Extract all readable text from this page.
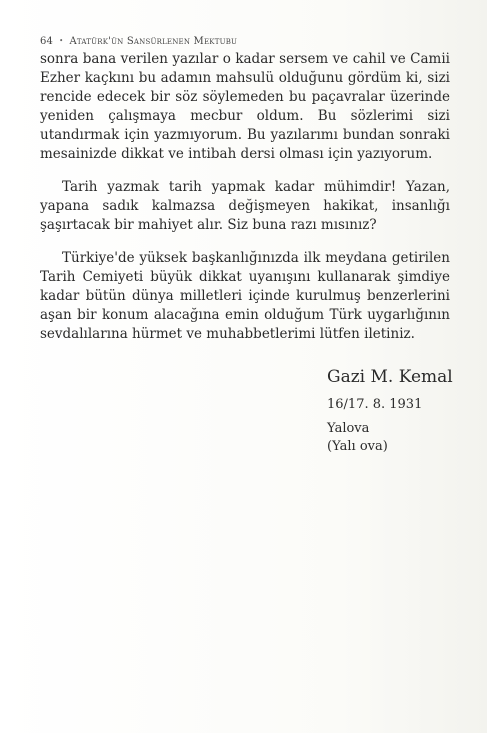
64 • Atatürk'ün Sansürlenen Mektubu

sonra bana verilen yazılar o kadar sersem ve cahil ve Camii Ezher kaçkını bu adamın mahsulü olduğunu gördüm ki, sizi rencide edecek bir söz söylemeden bu paçavralar üzerinde yeniden çalışmaya mecbur oldum. Bu sözlerimi sizi utandırmak için yazmıyorum. Bu yazılarımı bundan sonraki mesainizde dikkat ve intibah dersi olması için yazıyorum.

Tarih yazmak tarih yapmak kadar mühimdir! Yazan, yapana sadık kalmazsa değişmeyen hakikat, insanlığı şaşırtacak bir mahiyet alır. Siz buna razı mısınız?

Türkiye'de yüksek başkanlığınızda ilk meydana getirilen Tarih Cemiyeti büyük dikkat uyanışını kullanarak şimdiye kadar bütün dünya milletleri içinde kurulmuş benzerlerini aşan bir konum alacağına emin olduğum Türk uygarlığının sevdalılarına hürmet ve muhabbetlerimi lütfen iletiniz.

Gazi M. Kemal

16/17. 8. 1931

Yalova

(Yalı ova)
